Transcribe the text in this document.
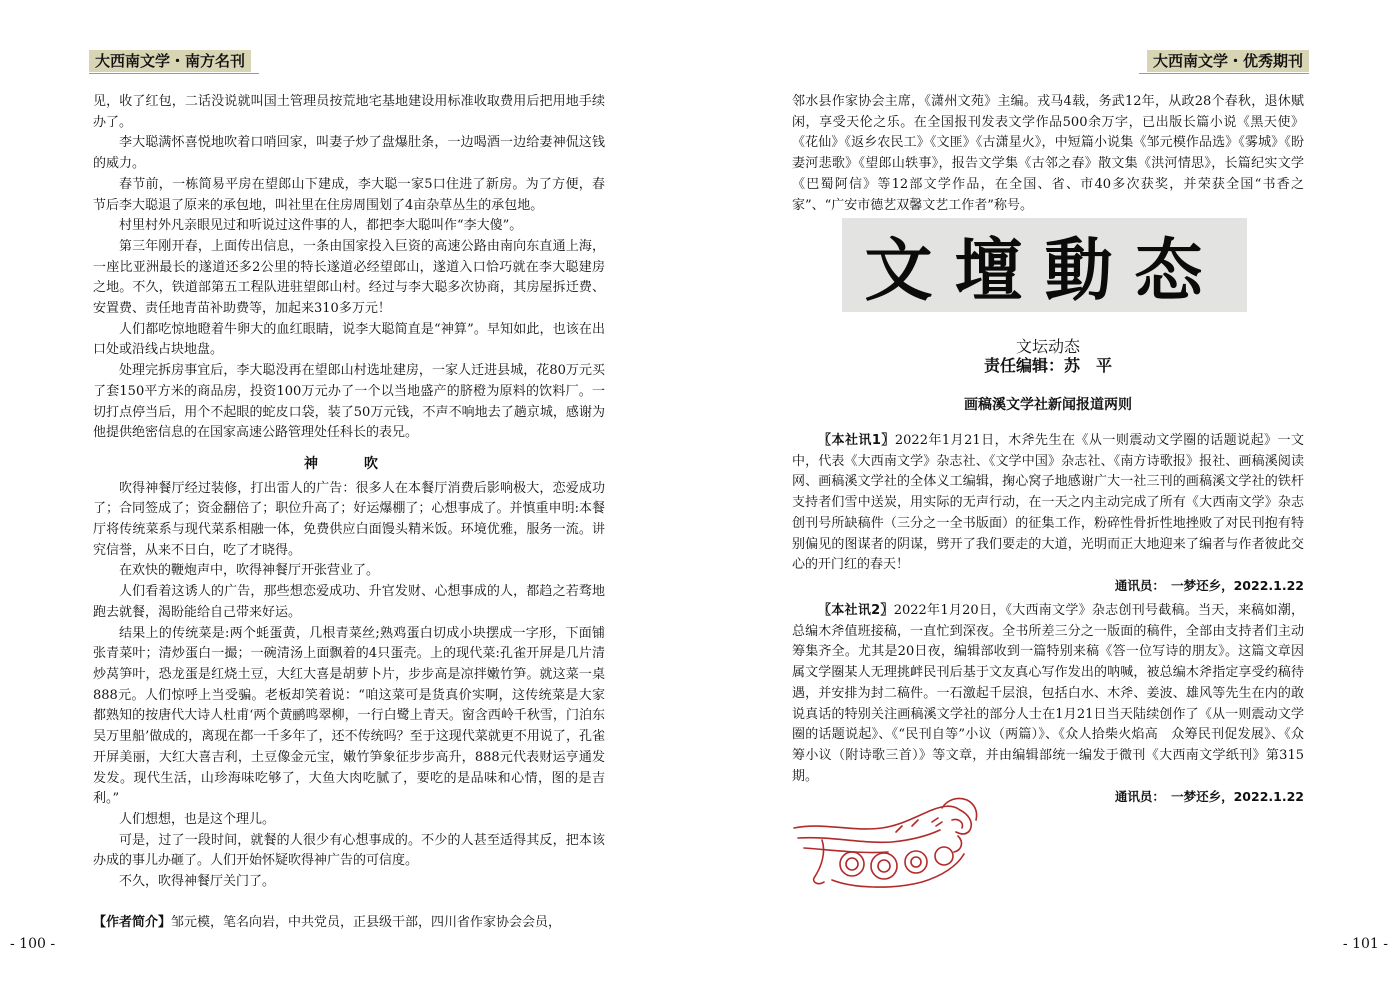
大西南文学・南方名刊

见，收了红包，二话没说就叫国土管理员按荒地宅基地建设用标准收取费用后把用地手续办了。

李大聪满怀喜悦地吹着口哨回家，叫妻子炒了盘爆肚条，一边喝酒一边给妻神侃这钱的威力。

春节前，一栋简易平房在望郎山下建成，李大聪一家5口住进了新房。为了方便，春节后李大聪退了原来的承包地，叫社里在住房周围划了4亩杂草丛生的承包地。

村里村外凡亲眼见过和听说过这件事的人，都把李大聪叫作“李大傻”。

第三年刚开春，上面传出信息，一条由国家投入巨资的高速公路由南向东直通上海，一座比亚洲最长的遂道还多2公里的特长遂道必经望郎山，遂道入口恰巧就在李大聪建房之地。不久，铁道部第五工程队进驻望郎山村。经过与李大聪多次协商，其房屋拆迁费、安置费、责任地青苗补助费等，加起来310多万元！

人们都吃惊地瞪着牛卵大的血红眼睛，说李大聪简直是“神算”。早知如此，也该在出口处或沿线占块地盘。

处理完拆房事宜后，李大聪没再在望郎山村选址建房，一家人迁进县城，花80万元买了套150平方米的商品房，投资100万元办了一个以当地盛产的脐橙为原料的饮料厂。一切打点停当后，用个不起眼的蛇皮口袋，装了50万元钱，不声不响地去了趟京城，感谢为他提供绝密信息的在国家高速公路管理处任科长的表兄。

神　吹

吹得神餐厅经过装修，打出雷人的广告：很多人在本餐厅消费后影响极大，恋爱成功了；合同签成了；资金翻倍了；职位升高了；好运爆棚了；心想事成了。并慎重申明:本餐厅将传统菜系与现代菜系相融一体，免费供应白面馒头精米饭。环境优雅，服务一流。讲究信誉，从来不日白，吃了才晓得。

在欢快的鞭炮声中，吹得神餐厅开张营业了。

人们看着这诱人的广告，那些想恋爱成功、升官发财、心想事成的人，都趋之若骛地跑去就餐，渴盼能给自己带来好运。

结果上的传统菜是:两个蚝蛋黄，几根青菜丝;熟鸡蛋白切成小块摆成一字形，下面铺张青菜叶；清炒蛋白一撮；一碗清汤上面飘着的4只蛋壳。上的现代菜:孔雀开屏是几片清炒莴笋叶，恐龙蛋是红烧土豆，大红大喜是胡萝卜片，步步高是凉拌嫩竹笋。就这菜一桌888元。人们惊呼上当受骗。老板却笑着说：“咱这菜可是货真价实啊，这传统菜是大家都熟知的按唐代大诗人杜甫‘两个黄鹂鸣翠柳，一行白鹭上青天。窗含西岭千秋雪，门泊东吴万里船’做成的，离现在都一千多年了，还不传统吗？至于这现代菜就更不用说了，孔雀开屏美丽，大红大喜吉利，土豆像金元宝，嫩竹笋象征步步高升，888元代表财运亨通发发发。现代生活，山珍海味吃够了，大鱼大肉吃腻了，要吃的是品味和心情，图的是吉利。”

人们想想，也是这个理儿。

可是，过了一段时间，就餐的人很少有心想事成的。不少的人甚至适得其反，把本该办成的事儿办砸了。人们开始怀疑吹得神广告的可信度。

不久，吹得神餐厅关门了。

【作者简介】邹元模，笔名向岩，中共党员，正县级干部，四川省作家协会会员，

- 100 -
大西南文学・优秀期刊

邻水县作家协会主席，《潇州文苑》主编。戎马4载，务武12年，从政28个春秋，退休赋闲，享受天伦之乐。在全国报刊发表文学作品500余万字，已出版长篇小说《黑天使》《花仙》《返乡农民工》《文匪》《古潇星火》，中短篇小说集《邹元模作品选》《雾城》《盼妻河悲歌》《望郎山轶事》，报告文学集《古邻之春》散文集《洪河情思》，长篇纪实文学《巴蜀阿信》等12部文学作品，在全国、省、市40多次获奖，并荣获全国“书香之家”、“广安市德艺双馨文艺工作者”称号。

文壇動态
文坛动态
责任编辑：苏　平
画稿溪文学社新闻报道两则

〖本社讯1〗2022年1月21日，木斧先生在《从一则震动文学圈的话题说起》一文中，代表《大西南文学》杂志社、《文学中国》杂志社、《南方诗歌报》报社、画稿溪阅读网、画稿溪文学社的全体义工编辑，掬心窝子地感谢广大一社三刊的画稿溪文学社的铁杆支持者们雪中送炭，用实际的无声行动，在一天之内主动完成了所有《大西南文学》杂志创刊号所缺稿件（三分之一全书版面）的征集工作，粉碎性骨折性地挫败了对民刊抱有特别偏见的图谋者的阴谋，劈开了我们要走的大道，光明而正大地迎来了编者与作者彼此交心的开门红的春天！

通讯员：　一梦还乡，2022.1.22

〖本社讯2〗2022年1月20日，《大西南文学》杂志创刊号截稿。当天，来稿如潮，总编木斧值班接稿，一直忙到深夜。全书所差三分之一版面的稿件，全部由支持者们主动筹集齐全。尤其是20日夜，编辑部收到一篇特别来稿《答一位写诗的朋友》。这篇文章因属文学圈某人无理挑衅民刊后基于文友真心写作发出的呐喊，被总编木斧指定享受约稿待遇，并安排为封二稿件。一石激起千层浪，包括白水、木斧、姜波、雄风等先生在内的敢说真话的特别关注画稿溪文学社的部分人士在1月21日当天陆续创作了《从一则震动文学圈的话题说起》、《“民刊自等”小议（两篇）》、《众人拾柴火焰高　众筹民刊促发展》、《众筹小议（附诗歌三首）》等文章，并由编辑部统一编发于微刊《大西南文学纸刊》第315期。

通讯员：　一梦还乡，2022.1.22

- 101 -
